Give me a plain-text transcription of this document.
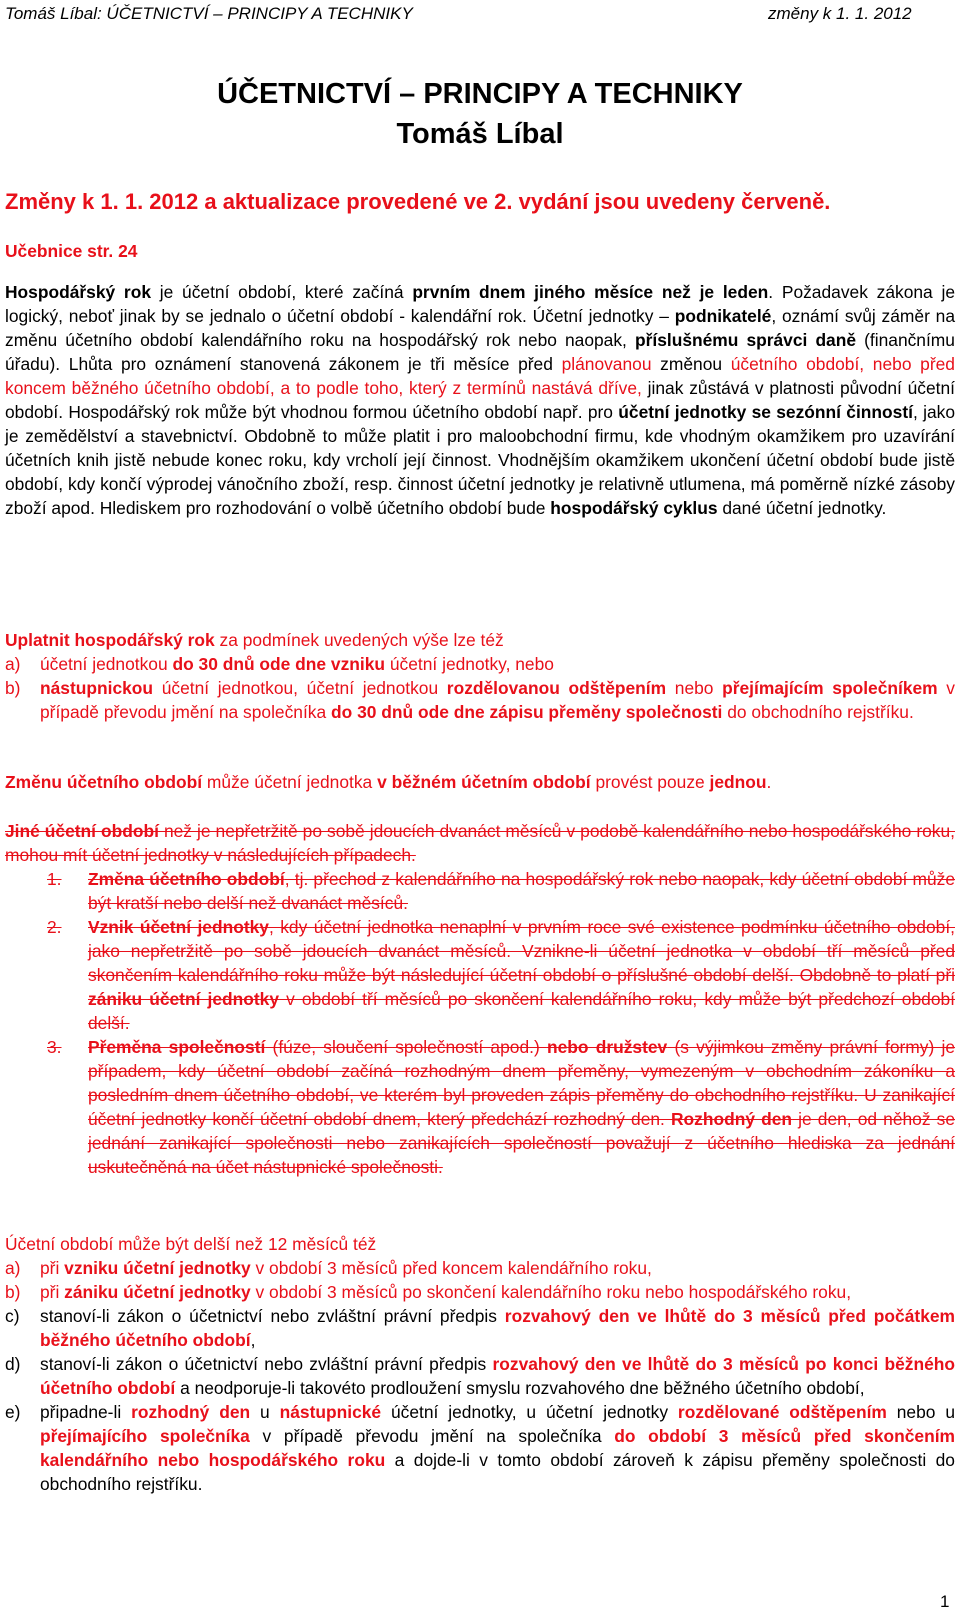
Tomáš Líbal: ÚČETNICTVÍ – PRINCIPY A TECHNIKY	změny k 1. 1. 2012
ÚČETNICTVÍ – PRINCIPY A TECHNIKY
Tomáš Líbal
Změny k 1. 1. 2012 a aktualizace provedené ve 2. vydání jsou uvedeny červeně.
Učebnice str. 24
Hospodářský rok je účetní období, které začíná prvním dnem jiného měsíce než je leden. Požadavek zákona je logický, neboť jinak by se jednalo o účetní období - kalendářní rok. Účetní jednotky – podnikatelé, oznámí svůj záměr na změnu účetního období kalendářního roku na hospodářský rok nebo naopak, příslušnému správci daně (finančnímu úřadu). Lhůta pro oznámení stanovená zákonem je tři měsíce před plánovanou změnou účetního období, nebo před koncem běžného účetního období, a to podle toho, který z termínů nastává dříve, jinak zůstává v platnosti původní účetní období. Hospodářský rok může být vhodnou formou účetního období např. pro účetní jednotky se sezónní činností, jako je zemědělství a stavebnictví. Obdobně to může platit i pro maloobchodní firmu, kde vhodným okamžikem pro uzavírání účetních knih jistě nebude konec roku, kdy vrcholí její činnost. Vhodnějším okamžikem ukončení účetní období bude jistě období, kdy končí výprodej vánočního zboží, resp. činnost účetní jednotky je relativně utlumena, má poměrně nízké zásoby zboží apod. Hlediskem pro rozhodování o volbě účetního období bude hospodářský cyklus dané účetní jednotky.
Uplatnit hospodářský rok za podmínek uvedených výše lze též
a) účetní jednotkou do 30 dnů ode dne vzniku účetní jednotky, nebo
b) nástupnickou účetní jednotkou, účetní jednotkou rozdělovanou odštěpením nebo přejímajícím společníkem v případě převodu jmění na společníka do 30 dnů ode dne zápisu přeměny společnosti do obchodního rejstříku.
Změnu účetního období může účetní jednotka v běžném účetním období provést pouze jednou.
Jiné účetní období než je nepřetržitě po sobě jdoucích dvanáct měsíců v podobě kalendářního nebo hospodářského roku, mohou mít účetní jednotky v následujících případech.
1. Změna účetního období, tj. přechod z kalendářního na hospodářský rok nebo naopak, kdy účetní období může být kratší nebo delší než dvanáct měsíců.
2. Vznik účetní jednotky, kdy účetní jednotka nenaplní v prvním roce své existence podmínku účetního období, jako nepřetržitě po sobě jdoucích dvanáct měsíců. Vznikne-li účetní jednotka v období tří měsíců před skončením kalendářního roku může být následující účetní období o příslušné období delší. Obdobně to platí při zániku účetní jednotky v období tří měsíců po skončení kalendářního roku, kdy může být předchozí období delší.
3. Přeměna společností (fúze, sloučení společností apod.) nebo družstev (s výjimkou změny právní formy) je případem, kdy účetní období začíná rozhodným dnem přeměny, vymezeným v obchodním zákoníku a posledním dnem účetního období, ve kterém byl proveden zápis přeměny do obchodního rejstříku. U zanikající účetní jednotky končí účetní období dnem, který předchází rozhodný den. Rozhodný den je den, od něhož se jednání zanikající společnosti nebo zanikajících společností považují z účetního hlediska za jednání uskutečněná na účet nástupnické společnosti.
Účetní období může být delší než 12 měsíců též
a) při vzniku účetní jednotky v období 3 měsíců před koncem kalendářního roku,
b) při zániku účetní jednotky v období 3 měsíců po skončení kalendářního roku nebo hospodářského roku,
c) stanoví-li zákon o účetnictví nebo zvláštní právní předpis rozvahový den ve lhůtě do 3 měsíců před počátkem běžného účetního období,
d) stanoví-li zákon o účetnictví nebo zvláštní právní předpis rozvahový den ve lhůtě do 3 měsíců po konci běžného účetního období a neodporuje-li takovéto prodloužení smyslu rozvahového dne běžného účetního období,
e) připadne-li rozhodný den u nástupnické účetní jednotky, u účetní jednotky rozdělované odštěpením nebo u přejímajícího společníka v případě převodu jmění na společníka do období 3 měsíců před skončením kalendářního nebo hospodářského roku a dojde-li v tomto období zároveň k zápisu přeměny společnosti do obchodního rejstříku.
1
